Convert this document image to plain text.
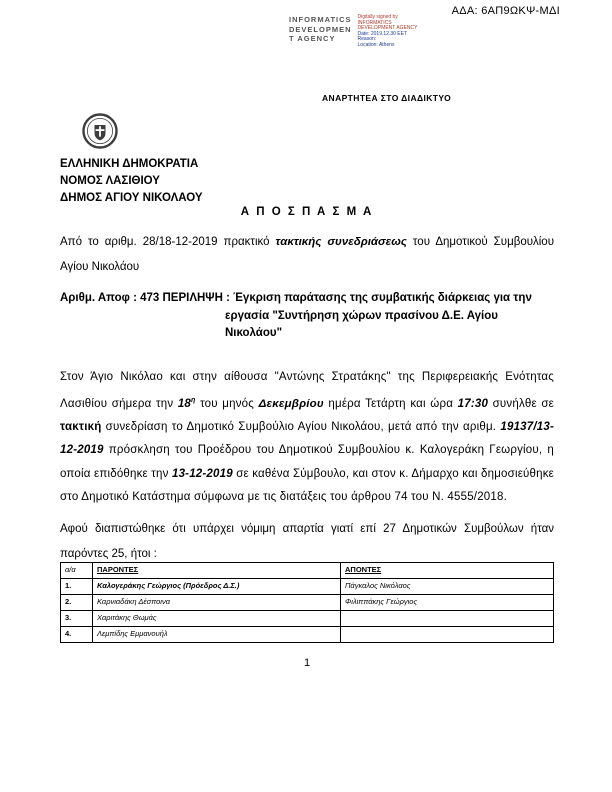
ΑΔΑ: 6ΑΠ9ΩΚΨ-ΜΔΙ
INFORMATICS
DEVELOPMEN
T AGENCY
Digitally signed by
INFORMATICS
DEVELOPMENT AGENCY
Date: 2019.12.30 EET
Reason:
Location: Athens
ΑΝΑΡΤΗΤΕΑ ΣΤΟ ΔΙΑΔΙΚΤΥΟ
ΕΛΛΗΝΙΚΗ ΔΗΜΟΚΡΑΤΙΑ
ΝΟΜΟΣ ΛΑΣΙΘΙΟΥ
ΔΗΜΟΣ ΑΓΙΟΥ ΝΙΚΟΛΑΟΥ
Α Π Ο Σ Π Α Σ Μ Α

Από το αριθμ. 28/18-12-2019 πρακτικό τακτικής συνεδριάσεως του Δημοτικού Συμβουλίου Αγίου Νικολάου

Αριθμ. Αποφ : 473 ΠΕΡΙΛΗΨΗ : Έγκριση παράτασης της συμβατικής διάρκειας για την
εργασία "Συντήρηση χώρων πρασίνου Δ.Ε. Αγίου
Νικολάου"

Στον Άγιο Νικόλαο και στην αίθουσα "Αντώνης Στρατάκης" της Περιφερειακής Ενότητας Λασιθίου σήμερα την $18^\eta$ του μηνός Δεκεμβρίου ημέρα Τετάρτη και ώρα 17:30 συνήλθε σε τακτική συνεδρίαση το Δημοτικό Συμβούλιο Αγίου Νικολάου, μετά από την αριθμ. 19137/13-12-2019 πρόσκληση του Προέδρου του Δημοτικού Συμβουλίου κ. Καλογεράκη Γεωργίου, η οποία επιδόθηκε την 13-12-2019 σε καθένα Σύμβουλο, και στον κ. Δήμαρχο και δημοσιεύθηκε στο Δημοτικό Κατάστημα σύμφωνα με τις διατάξεις του άρθρου 74 του Ν. 4555/2018.

Αφού διαπιστώθηκε ότι υπάρχει νόμιμη απαρτία γιατί επί 27 Δημοτικών Συμβούλων ήταν παρόντες 25, ήτοι :

α/α	ΠΑΡΟΝΤΕΣ	ΑΠΟΝΤΕΣ
1.	Καλογεράκης Γεώργιος (Πρόεδρος Δ.Σ.)	Πάγκαλος Νικόλαος
2.	Καρνιαδάκη Δέσποινα	Φιλιππάκης Γεώργιος
3.	Χαριτάκης Θωμάς	
4.	Λεμπίδης Εμμανουήλ	
1
